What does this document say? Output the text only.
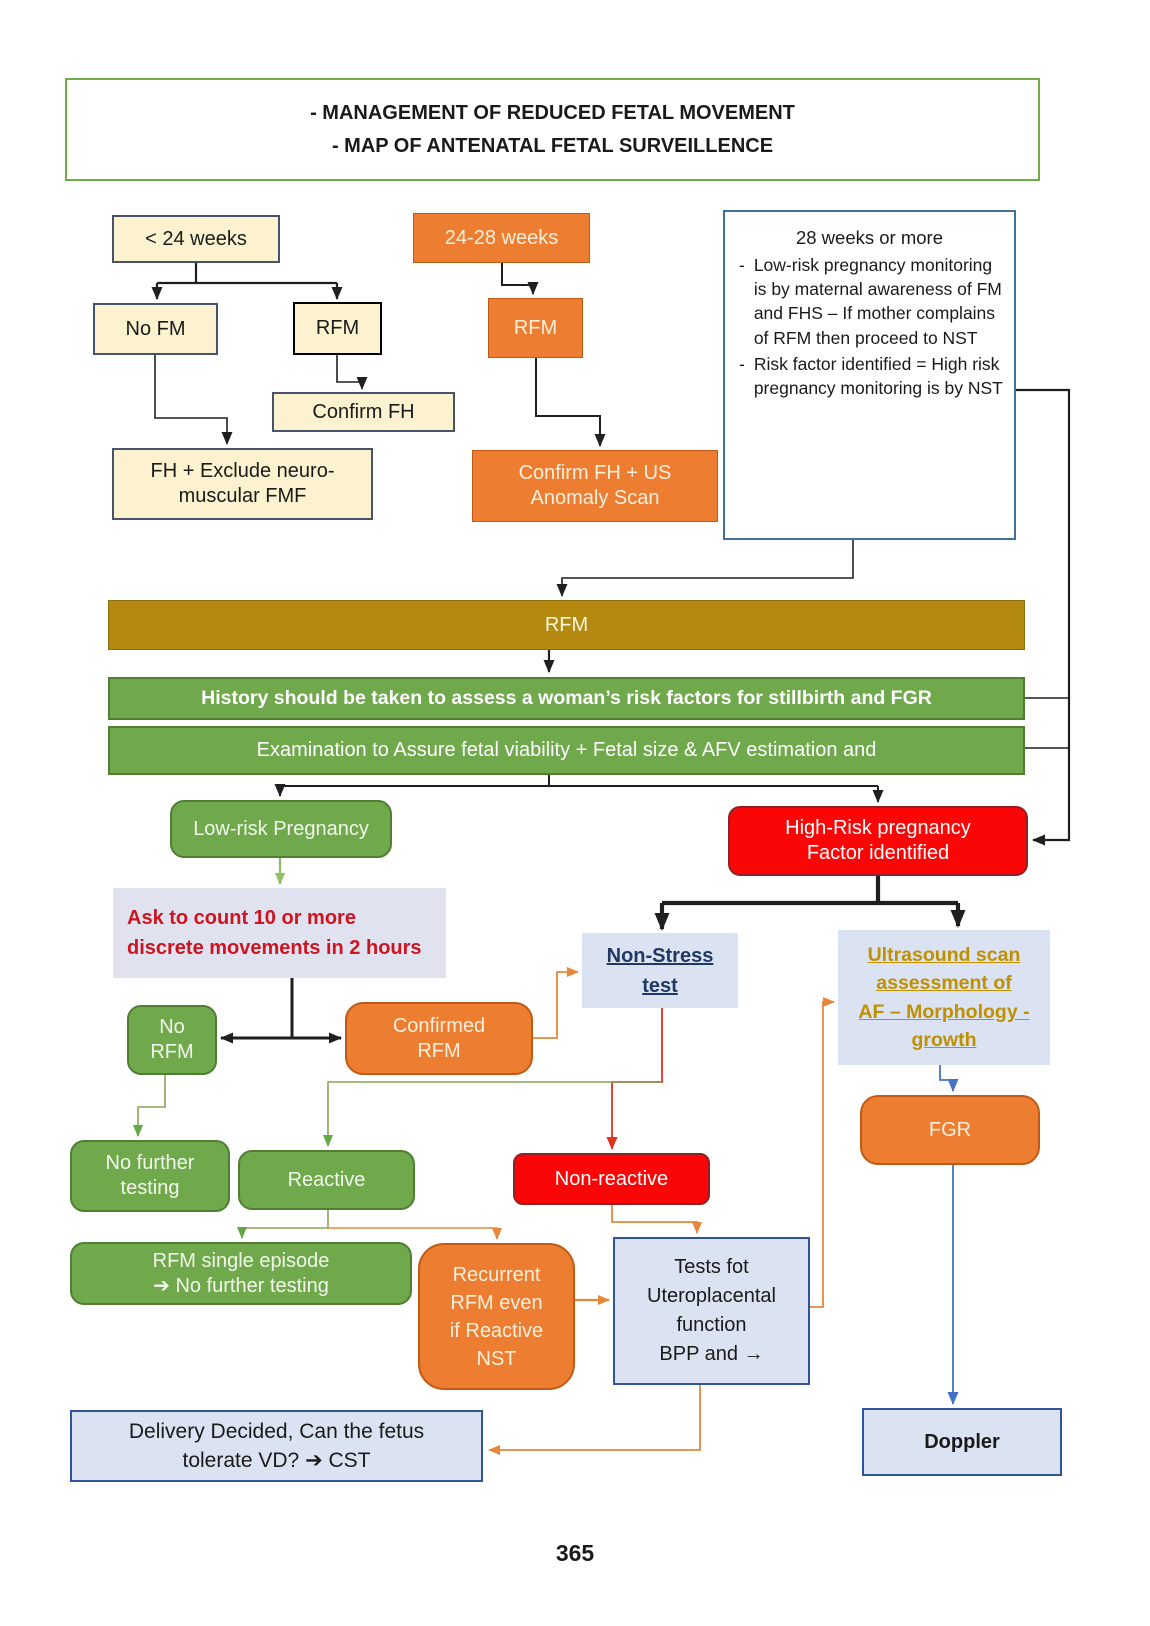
- MANAGEMENT OF REDUCED FETAL MOVEMENT
- MAP OF ANTENATAL FETAL SURVEILLENCE
< 24 weeks	24-28 weeks	28 weeks or more
- Low-risk pregnancy monitoring is by maternal awareness of FM and FHS – If mother complains of RFM then proceed to NST
- Risk factor identified = High risk pregnancy monitoring is by NST
No FM	RFM	RFM
Confirm FH
FH + Exclude neuro-
muscular FMF
Confirm FH + US
Anomaly Scan
RFM
History should be taken to assess a woman’s risk factors for stillbirth and FGR
Examination to Assure fetal viability + Fetal size & AFV estimation and
Low-risk Pregnancy	High-Risk pregnancy
Factor identified
Ask to count 10 or more
discrete movements in 2 hours	Non-Stress
test
Ultrasound scan
assessment of
AF – Morphology -
growth
No
RFM
Confirmed
RFM
No further
testing	Reactive	Non-reactive
FGR
RFM single episode
➔ No further testing	Recurrent
RFM even
if Reactive
NST
Tests fot
Uteroplacental
function
BPP and →
Delivery Decided, Can the fetus
tolerate VD? ➔ CST
Doppler
365
